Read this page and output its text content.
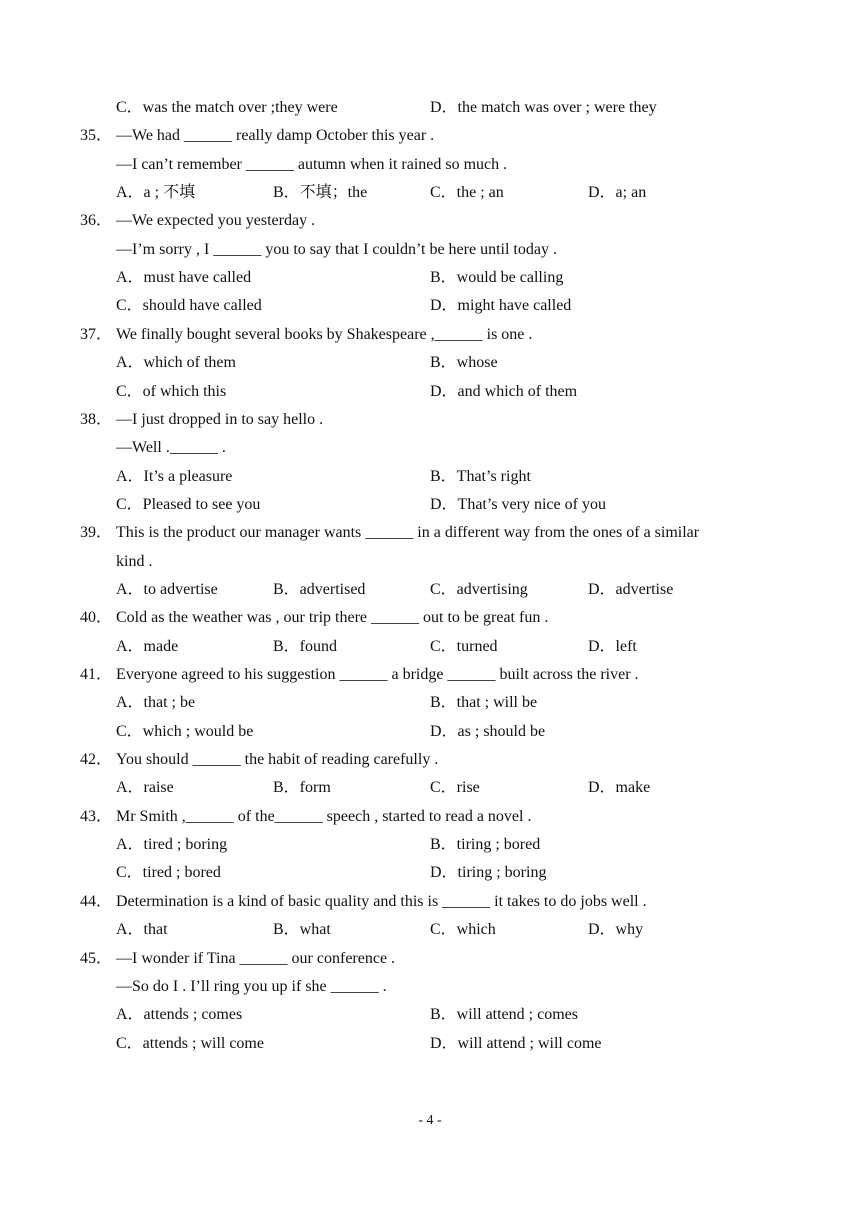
C．was the match over ;they were	D．the match was over ; were they
35． —We had ______ really damp October this year .
—I can’t remember ______ autumn when it rained so much .
A．a ; 不填	B．不填；the	C．the ; an	D．a; an
36． —We expected you yesterday .
—I’m sorry , I ______ you to say that I couldn’t be here until today .
A．must have called	B．would be calling
C．should have called	D．might have called
37． We finally bought several books by Shakespeare ,______ is one .
A．which of them	B．whose
C．of which this	D．and which of them
38． —I just dropped in to say hello .
—Well .______ .
A．It’s a pleasure	B．That’s right
C．Pleased to see you	D．That’s very nice of you
39． This is the product our manager wants ______ in a different way from the ones of a similar
kind .
A．to advertise	B．advertised	C．advertising	D．advertise
40． Cold as the weather was , our trip there ______ out to be great fun .
A．made	B．found	C．turned	D．left
41． Everyone agreed to his suggestion ______ a bridge ______ built across the river .
A．that ; be	B．that ; will be
C．which ; would be	D．as ; should be
42． You should ______ the habit of reading carefully .
A．raise	B．form	C．rise	D．make
43． Mr Smith ,______ of the______ speech , started to read a novel .
A．tired ; boring	B．tiring ; bored
C．tired ; bored	D．tiring ; boring
44． Determination is a kind of basic quality and this is ______ it takes to do jobs well .
A．that	B．what	C．which	D．why
45． —I wonder if Tina ______ our conference .
—So do I . I’ll ring you up if she ______ .
A．attends ; comes	B．will attend ; comes
C．attends ; will come	D．will attend ; will come
- 4 -
